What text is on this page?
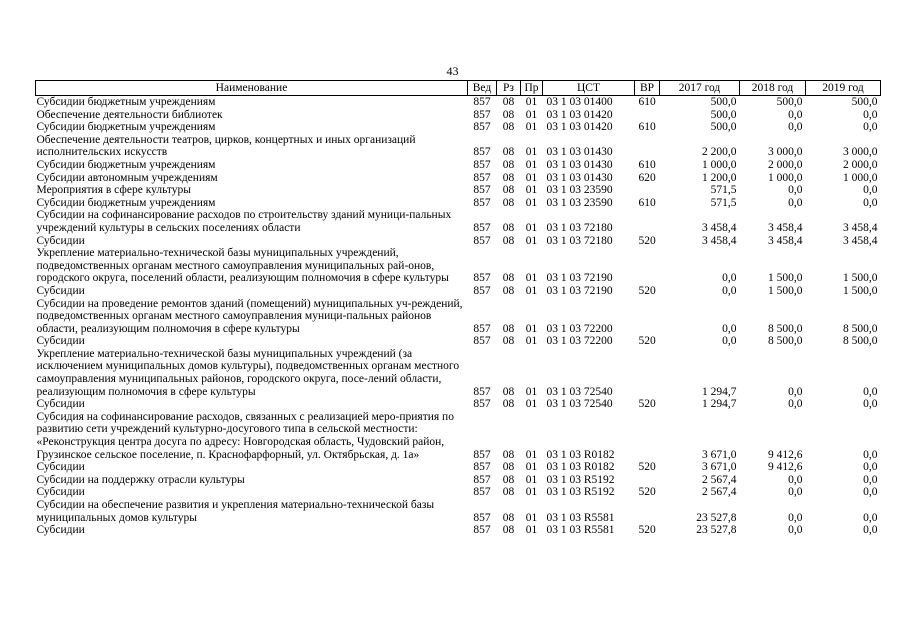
43
Наименование	Вед	Рз	Пр	ЦСТ	ВР	2017 год	2018 год	2019 год
Субсидии бюджетным учреждениям	857	08	01	03 1 03 01400	610	500,0	500,0	500,0
Обеспечение деятельности библиотек	857	08	01	03 1 03 01420		500,0	0,0	0,0
Субсидии бюджетным учреждениям	857	08	01	03 1 03 01420	610	500,0	0,0	0,0
Обеспечение деятельности театров, цирков, концертных и иных организаций исполнительских искусств	857	08	01	03 1 03 01430		2 200,0	3 000,0	3 000,0
Субсидии бюджетным учреждениям	857	08	01	03 1 03 01430	610	1 000,0	2 000,0	2 000,0
Субсидии автономным учреждениям	857	08	01	03 1 03 01430	620	1 200,0	1 000,0	1 000,0
Мероприятия в сфере культуры	857	08	01	03 1 03 23590		571,5	0,0	0,0
Субсидии бюджетным учреждениям	857	08	01	03 1 03 23590	610	571,5	0,0	0,0
Субсидии на софинансирование расходов по строительству зданий муници-пальных учреждений культуры в сельских поселениях области	857	08	01	03 1 03 72180		3 458,4	3 458,4	3 458,4
Субсидии	857	08	01	03 1 03 72180	520	3 458,4	3 458,4	3 458,4
Укрепление материально-технической базы муниципальных учреждений, подведомственных органам местного самоуправления муниципальных рай-онов, городского округа, поселений области, реализующим полномочия в сфере культуры	857	08	01	03 1 03 72190		0,0	1 500,0	1 500,0
Субсидии	857	08	01	03 1 03 72190	520	0,0	1 500,0	1 500,0
Субсидии на проведение ремонтов зданий (помещений) муниципальных уч-реждений, подведомственных органам местного самоуправления муници-пальных районов области, реализующим полномочия в сфере культуры	857	08	01	03 1 03 72200		0,0	8 500,0	8 500,0
Субсидии	857	08	01	03 1 03 72200	520	0,0	8 500,0	8 500,0
Укрепление материально-технической базы муниципальных учреждений (за исключением муниципальных домов культуры), подведомственных органам местного самоуправления муниципальных районов, городского округа, посе-лений области, реализующим полномочия в сфере культуры	857	08	01	03 1 03 72540		1 294,7	0,0	0,0
Субсидии	857	08	01	03 1 03 72540	520	1 294,7	0,0	0,0
Субсидия на софинансирование расходов, связанных с реализацией меро-приятия по развитию сети учреждений культурно-досугового типа в сельской местности: «Реконструкция центра досуга по адресу: Новгородская область, Чудовский район, Грузинское сельское поселение, п. Краснофарфорный, ул. Октябрьская, д. 1а»	857	08	01	03 1 03 R0182		3 671,0	9 412,6	0,0
Субсидии	857	08	01	03 1 03 R0182	520	3 671,0	9 412,6	0,0
Субсидии на поддержку отрасли культуры	857	08	01	03 1 03 R5192		2 567,4	0,0	0,0
Субсидии	857	08	01	03 1 03 R5192	520	2 567,4	0,0	0,0
Субсидии на обеспечение развития и укрепления материально-технической базы муниципальных домов культуры	857	08	01	03 1 03 R5581		23 527,8	0,0	0,0
Субсидии	857	08	01	03 1 03 R5581	520	23 527,8	0,0	0,0
